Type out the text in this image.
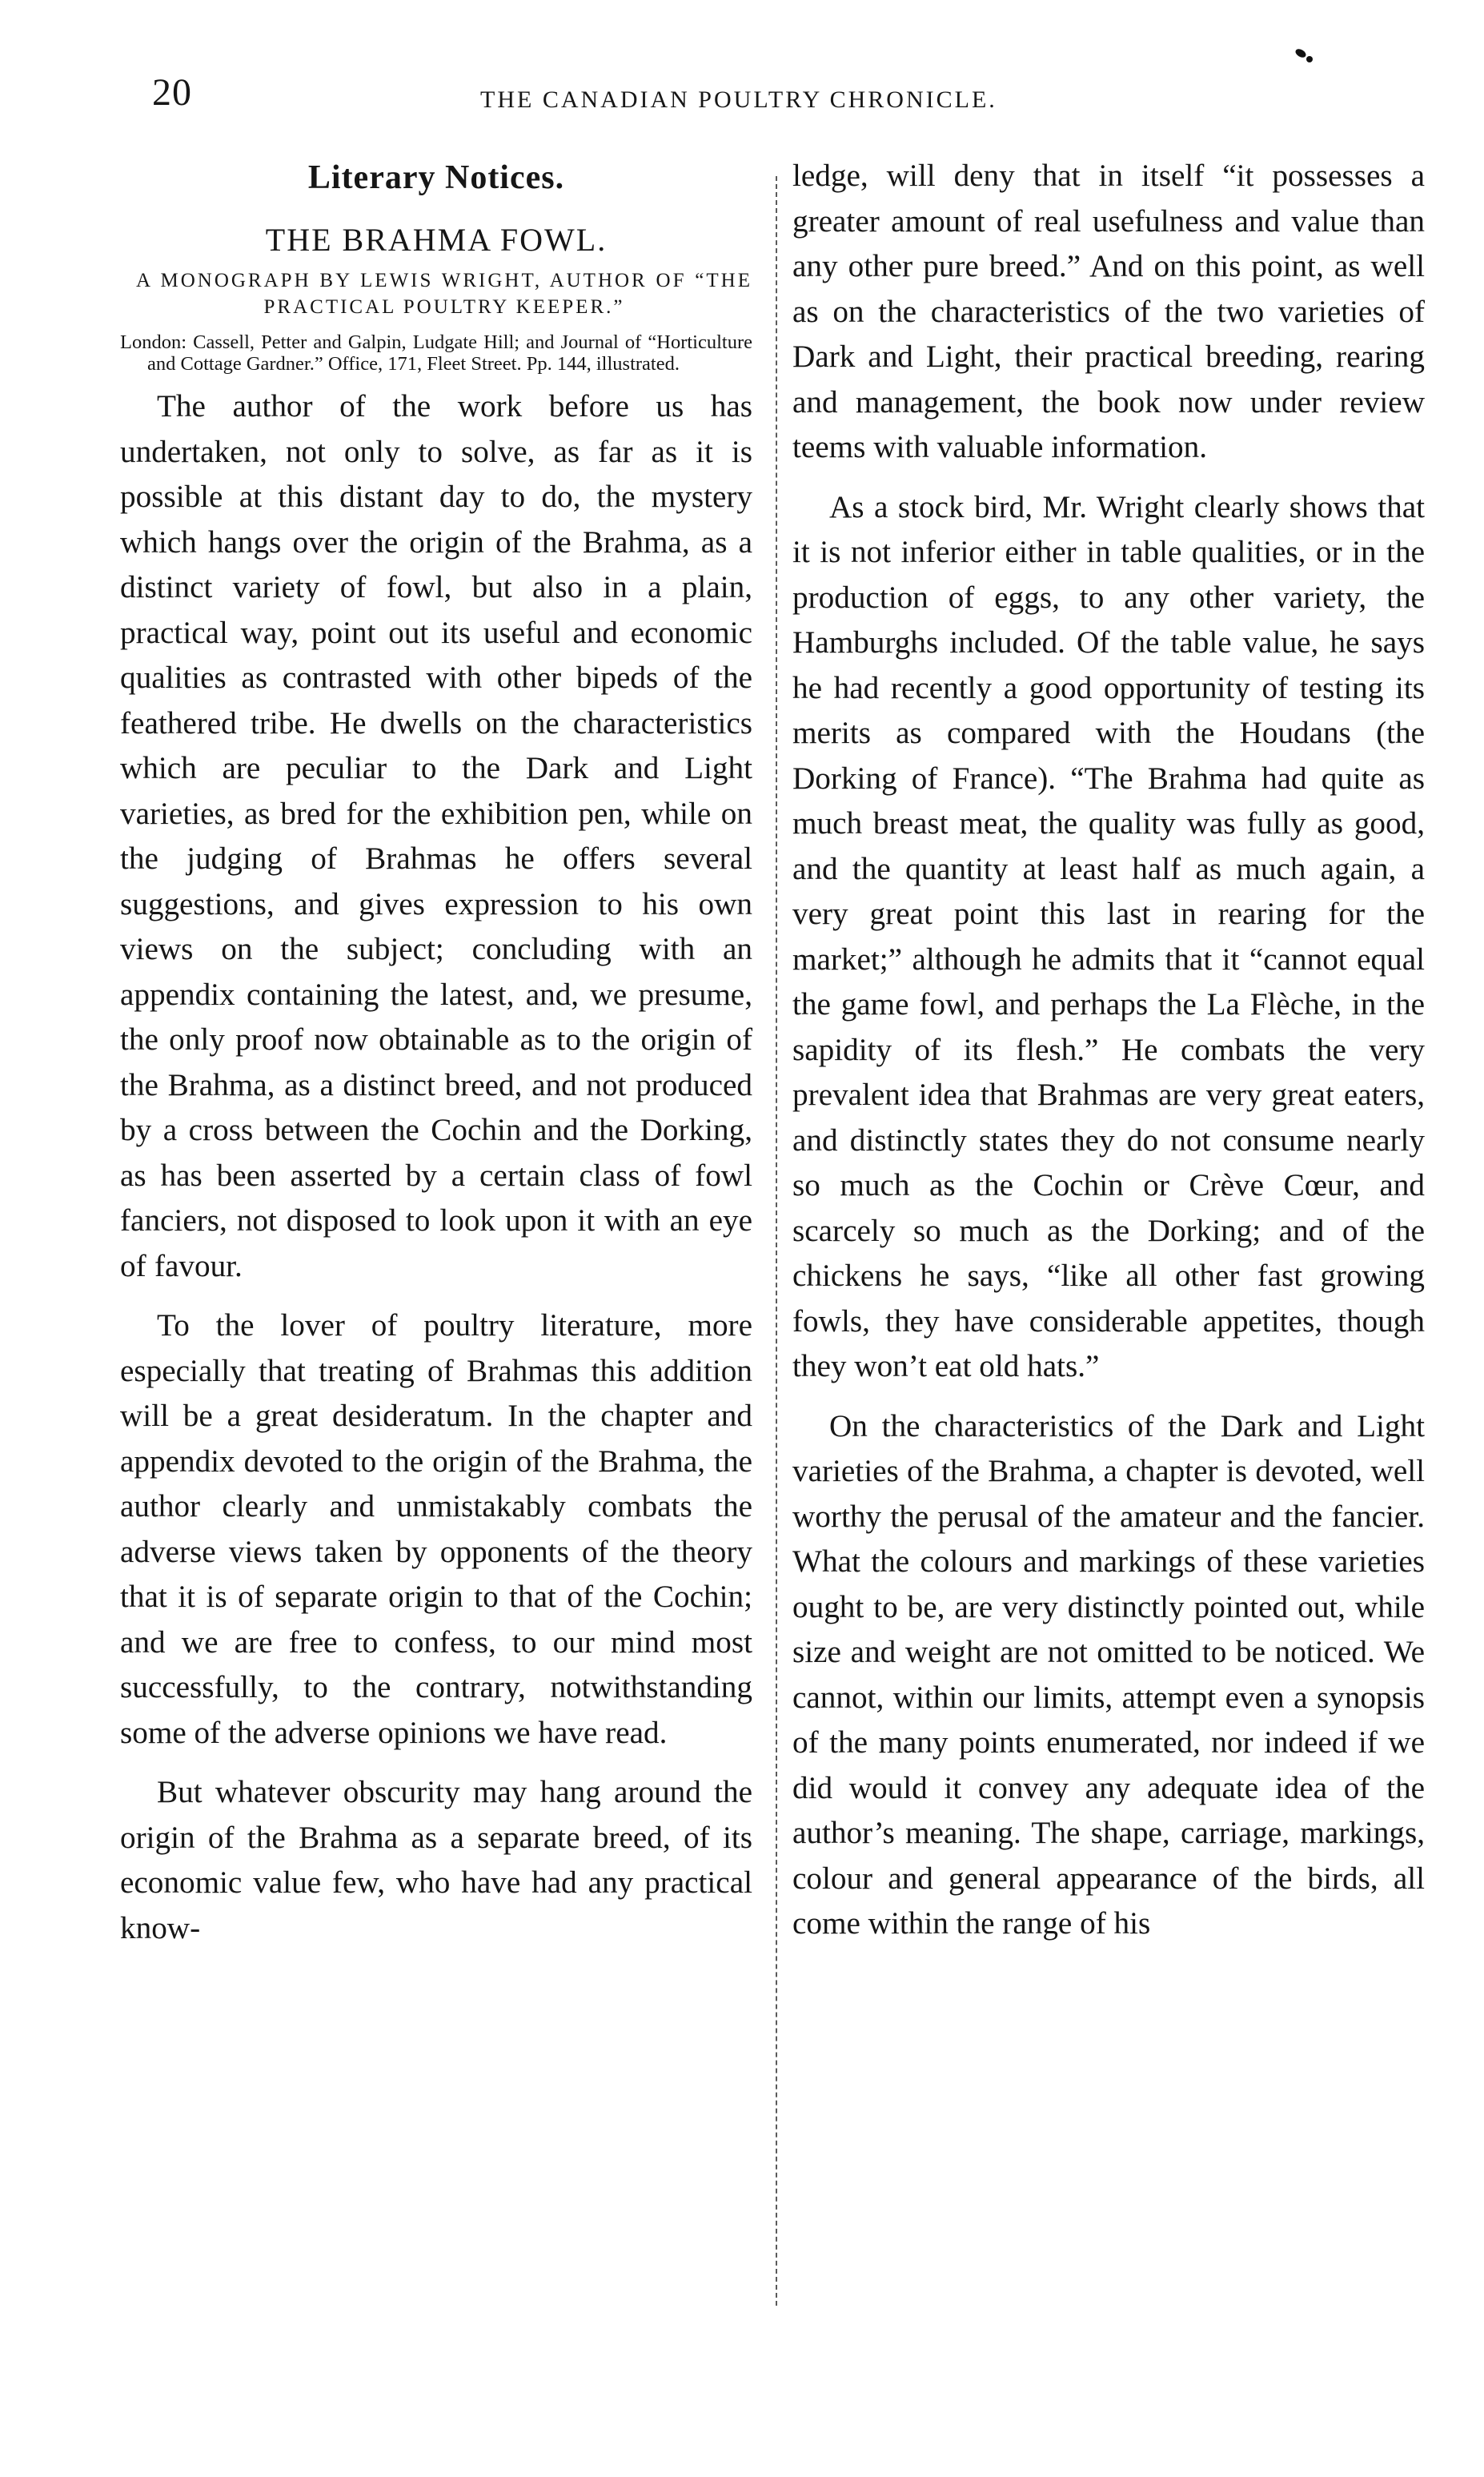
20	THE CANADIAN POULTRY CHRONICLE.
Literary Notices.
THE BRAHMA FOWL.
A MONOGRAPH BY LEWIS WRIGHT, AUTHOR OF “THE PRACTICAL POULTRY KEEPER.”
London: Cassell, Petter and Galpin, Ludgate Hill; and Journal of “Horticulture and Cottage Gardner.” Office, 171, Fleet Street. Pp. 144, illustrated.

The author of the work before us has undertaken, not only to solve, as far as it is possible at this distant day to do, the mystery which hangs over the origin of the Brahma, as a distinct variety of fowl, but also in a plain, practical way, point out its useful and economic qualities as contrasted with other bipeds of the feathered tribe. He dwells on the characteristics which are peculiar to the Dark and Light varieties, as bred for the exhibition pen, while on the judging of Brahmas he offers several suggestions, and gives expression to his own views on the subject; concluding with an appendix containing the latest, and, we presume, the only proof now obtainable as to the origin of the Brahma, as a distinct breed, and not produced by a cross between the Cochin and the Dorking, as has been asserted by a certain class of fowl fanciers, not disposed to look upon it with an eye of favour.

To the lover of poultry literature, more especially that treating of Brahmas this addition will be a great desideratum. In the chapter and appendix devoted to the origin of the Brahma, the author clearly and unmistakably combats the adverse views taken by opponents of the theory that it is of separate origin to that of the Cochin; and we are free to confess, to our mind most successfully, to the contrary, notwithstanding some of the adverse opinions we have read.

But whatever obscurity may hang around the origin of the Brahma as a separate breed, of its economic value few, who have had any practical know-

ledge, will deny that in itself “it possesses a greater amount of real usefulness and value than any other pure breed.” And on this point, as well as on the characteristics of the two varieties of Dark and Light, their practical breeding, rearing and management, the book now under review teems with valuable information.

As a stock bird, Mr. Wright clearly shows that it is not inferior either in table qualities, or in the production of eggs, to any other variety, the Hamburghs included. Of the table value, he says he had recently a good opportunity of testing its merits as compared with the Houdans (the Dorking of France). “The Brahma had quite as much breast meat, the quality was fully as good, and the quantity at least half as much again, a very great point this last in rearing for the market;” although he admits that it “cannot equal the game fowl, and perhaps the La Flèche, in the sapidity of its flesh.” He combats the very prevalent idea that Brahmas are very great eaters, and distinctly states they do not consume nearly so much as the Cochin or Crève Cœur, and scarcely so much as the Dorking; and of the chickens he says, “like all other fast growing fowls, they have considerable appetites, though they won’t eat old hats.”

On the characteristics of the Dark and Light varieties of the Brahma, a chapter is devoted, well worthy the perusal of the amateur and the fancier. What the colours and markings of these varieties ought to be, are very distinctly pointed out, while size and weight are not omitted to be noticed. We cannot, within our limits, attempt even a synopsis of the many points enumerated, nor indeed if we did would it convey any adequate idea of the author’s meaning. The shape, carriage, markings, colour and general appearance of the birds, all come within the range of his
